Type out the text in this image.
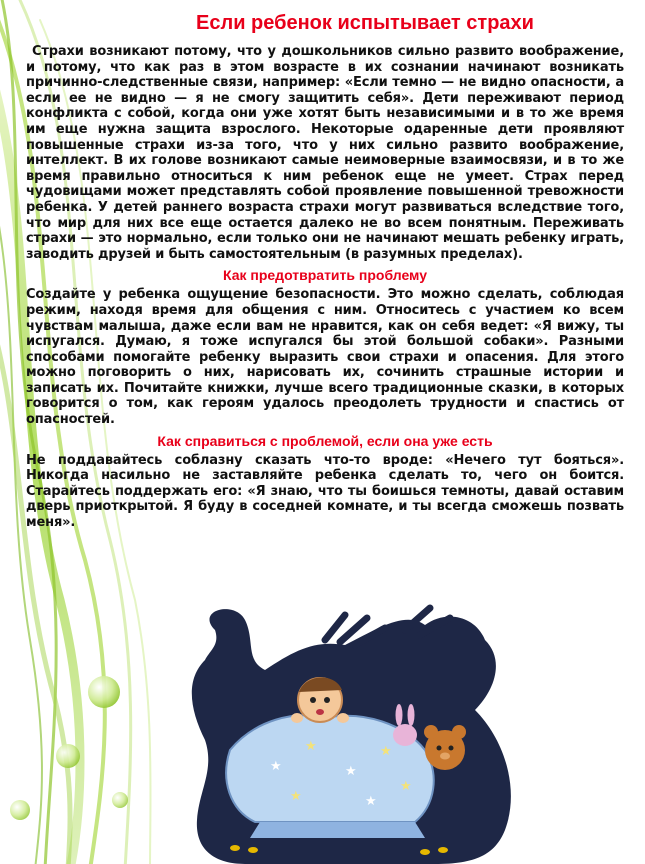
Если ребенок испытывает страхи

Страхи возникают потому, что у дошкольников сильно развито воображение, и потому, что как раз в этом возрасте в их сознании начинают возникать причинно-следственные связи, например: «Если темно — не видно опасности, а если ее не видно — я не смогу защитить себя». Дети переживают период конфликта с собой, когда они уже хотят быть независимыми и в то же время им еще нужна защита взрослого. Некоторые одаренные дети проявляют повышенные страхи из-за того, что у них сильно развито воображение, интеллект. В их голове возникают самые неимоверные взаимосвязи, и в то же время правильно относиться к ним ребенок еще не умеет. Страх перед чудовищами может представлять собой проявление повышенной тревожности ребенка. У детей раннего возраста страхи могут развиваться вследствие того, что мир для них все еще остается далеко не во всем понятным. Переживать страхи — это нормально, если только они не начинают мешать ребенку играть, заводить друзей и быть самостоятельным (в разумных пределах).

Как предотвратить проблему

Создайте у ребенка ощущение безопасности. Это можно сделать, соблюдая режим, находя время для общения с ним. Относитесь с участием ко всем чувствам малыша, даже если вам не нравится, как он себя ведет: «Я вижу, ты испугался. Думаю, я тоже испугался бы этой большой собаки». Разными способами помогайте ребенку выразить свои страхи и опасения. Для этого можно поговорить о них, нарисовать их, сочинить страшные истории и записать их. Почитайте книжки, лучше всего традиционные сказки, в которых говорится о том, как героям удалось преодолеть трудности и спастись от опасностей.

Как справиться с проблемой, если она уже есть

Не поддавайтесь соблазну сказать что-то вроде: «Нечего тут бояться». Никогда насильно не заставляйте ребенка сделать то, чего он боится. Старайтесь поддержать его: «Я знаю, что ты боишься темноты, давай оставим дверь приоткрытой. Я буду в соседней комнате, и ты всегда сможешь позвать меня».

★
★
★
★
★	★
★
